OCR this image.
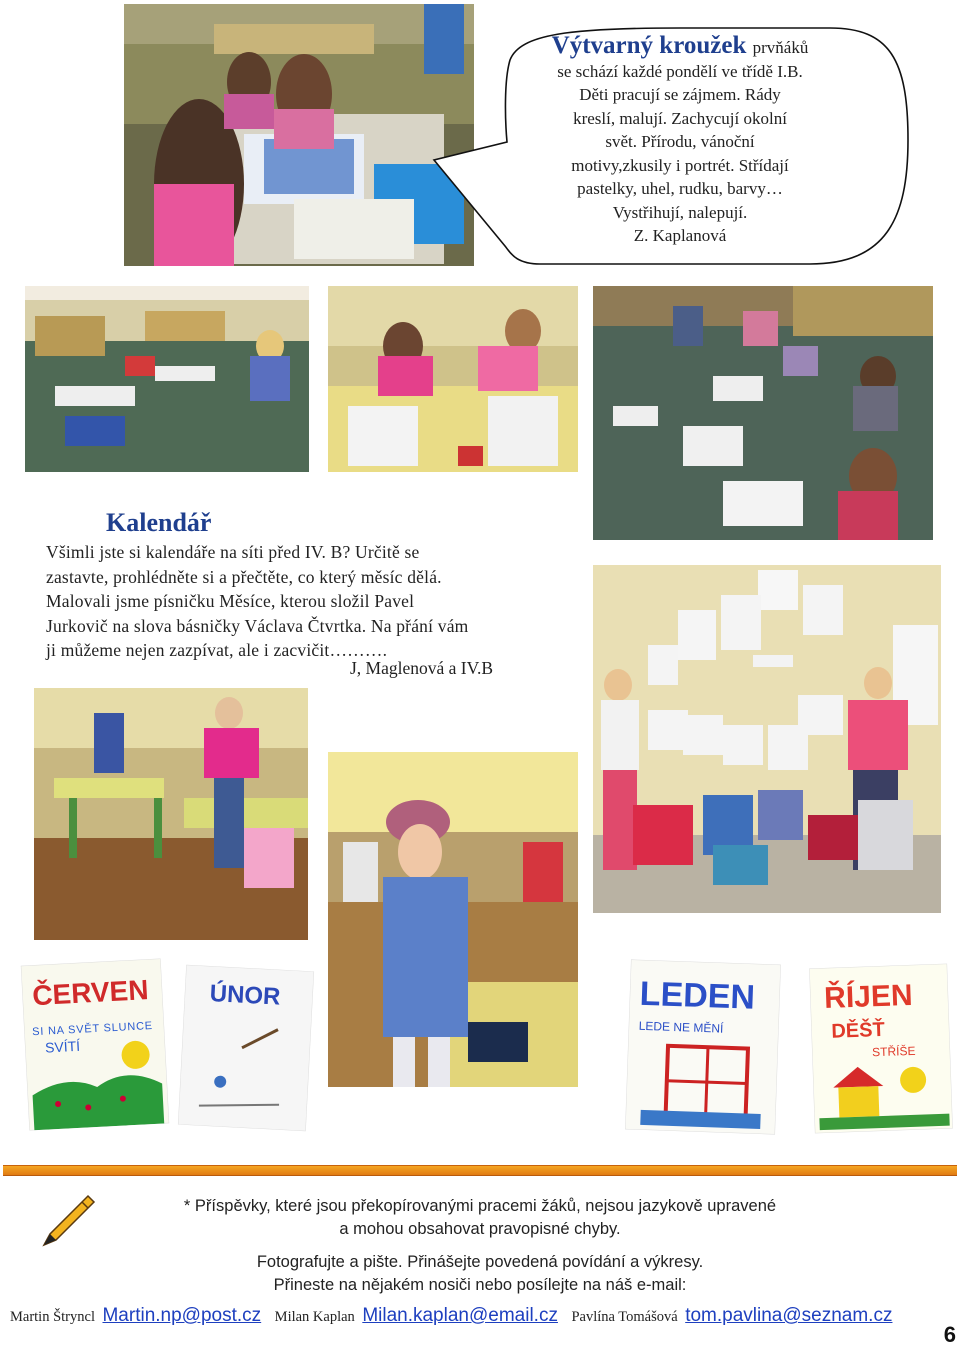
Výtvarný kroužek prvňáků
se schází každé pondělí ve třídě I.B.
Děti pracují se zájmem. Rády
kreslí, malují. Zachycují okolní
svět. Přírodu, vánoční
motivy,zkusily i portrét. Střídají
pastelky, uhel, rudku, barvy…
Vystřihují, nalepují.
Z. Kaplanová
Kalendář
Všimli jste si kalendáře na síti před IV. B? Určitě se
zastavte, prohlédněte si a přečtěte, co který měsíc dělá.
Malovali jsme písničku Měsíce, kterou složil Pavel
Jurkovič na slova básničky Václava Čtvrtka. Na přání vám
ji můžeme nejen zazpívat, ale i zacvičit……….
J, Maglenová a IV.B
ČERVEN
SI NA SVĚT SLUNCE
SVÍTÍ
ÚNOR	LEDEN
LEDE NE MĚNÍ
ŘÍJEN
DĚŠŤ
STŘÍŠE
* Příspěvky, které jsou překopírovanými pracemi žáků, nejsou jazykově upravené
a mohou obsahovat pravopisné chyby.
Fotografujte a pište. Přinášejte povedená povídání a výkresy.
Přineste na nějakém nosiči nebo posílejte na náš e-mail:
Martin Štryncl Martin.np@post.cz Milan Kaplan Milan.kaplan@email.cz Pavlína Tomášová tom.pavlina@seznam.cz
6
